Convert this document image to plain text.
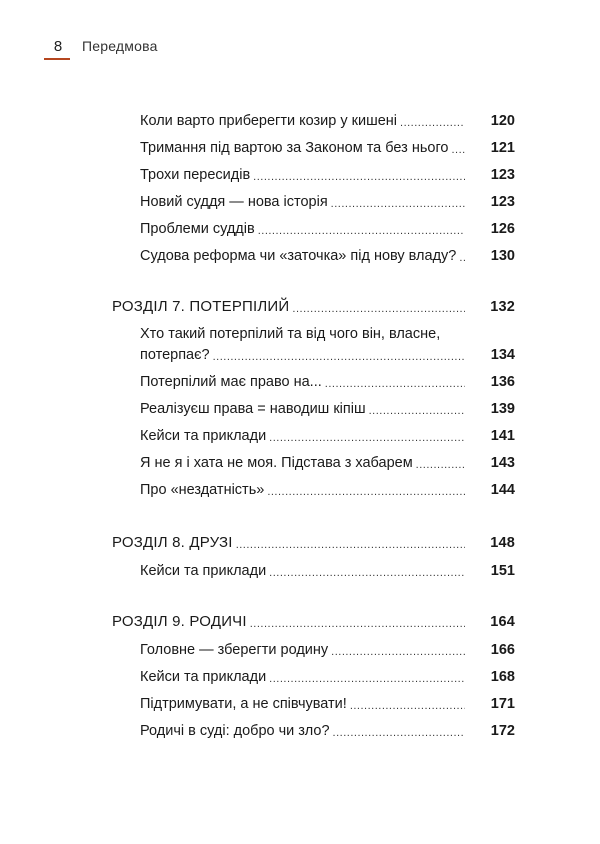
8	Передмова
Коли варто приберегти козир у кишені .....	120
Тримання під вартою за Законом та без нього .....	121
Трохи пересидів .....	123
Новий суддя — нова історія .....	123
Проблеми суддів .....	126
Судова реформа чи «заточка» під нову владу? .....	130
РОЗДІЛ 7. ПОТЕРПІЛИЙ .....	132
Хто такий потерпілий та від чого він, власне,
потерпає? .....	134
Потерпілий має право на... .....	136
Реалізуєш права = наводиш кіпіш .....	139
Кейси та приклади .....	141
Я не я і хата не моя. Підстава з хабарем .....	143
Про «нездатність» .....	144
РОЗДІЛ 8. ДРУЗІ .....	148
Кейси та приклади .....	151
РОЗДІЛ 9. РОДИЧІ .....	164
Головне — зберегти родину .....	166
Кейси та приклади .....	168
Підтримувати, а не співчувати! .....	171
Родичі в суді: добро чи зло? .....	172
